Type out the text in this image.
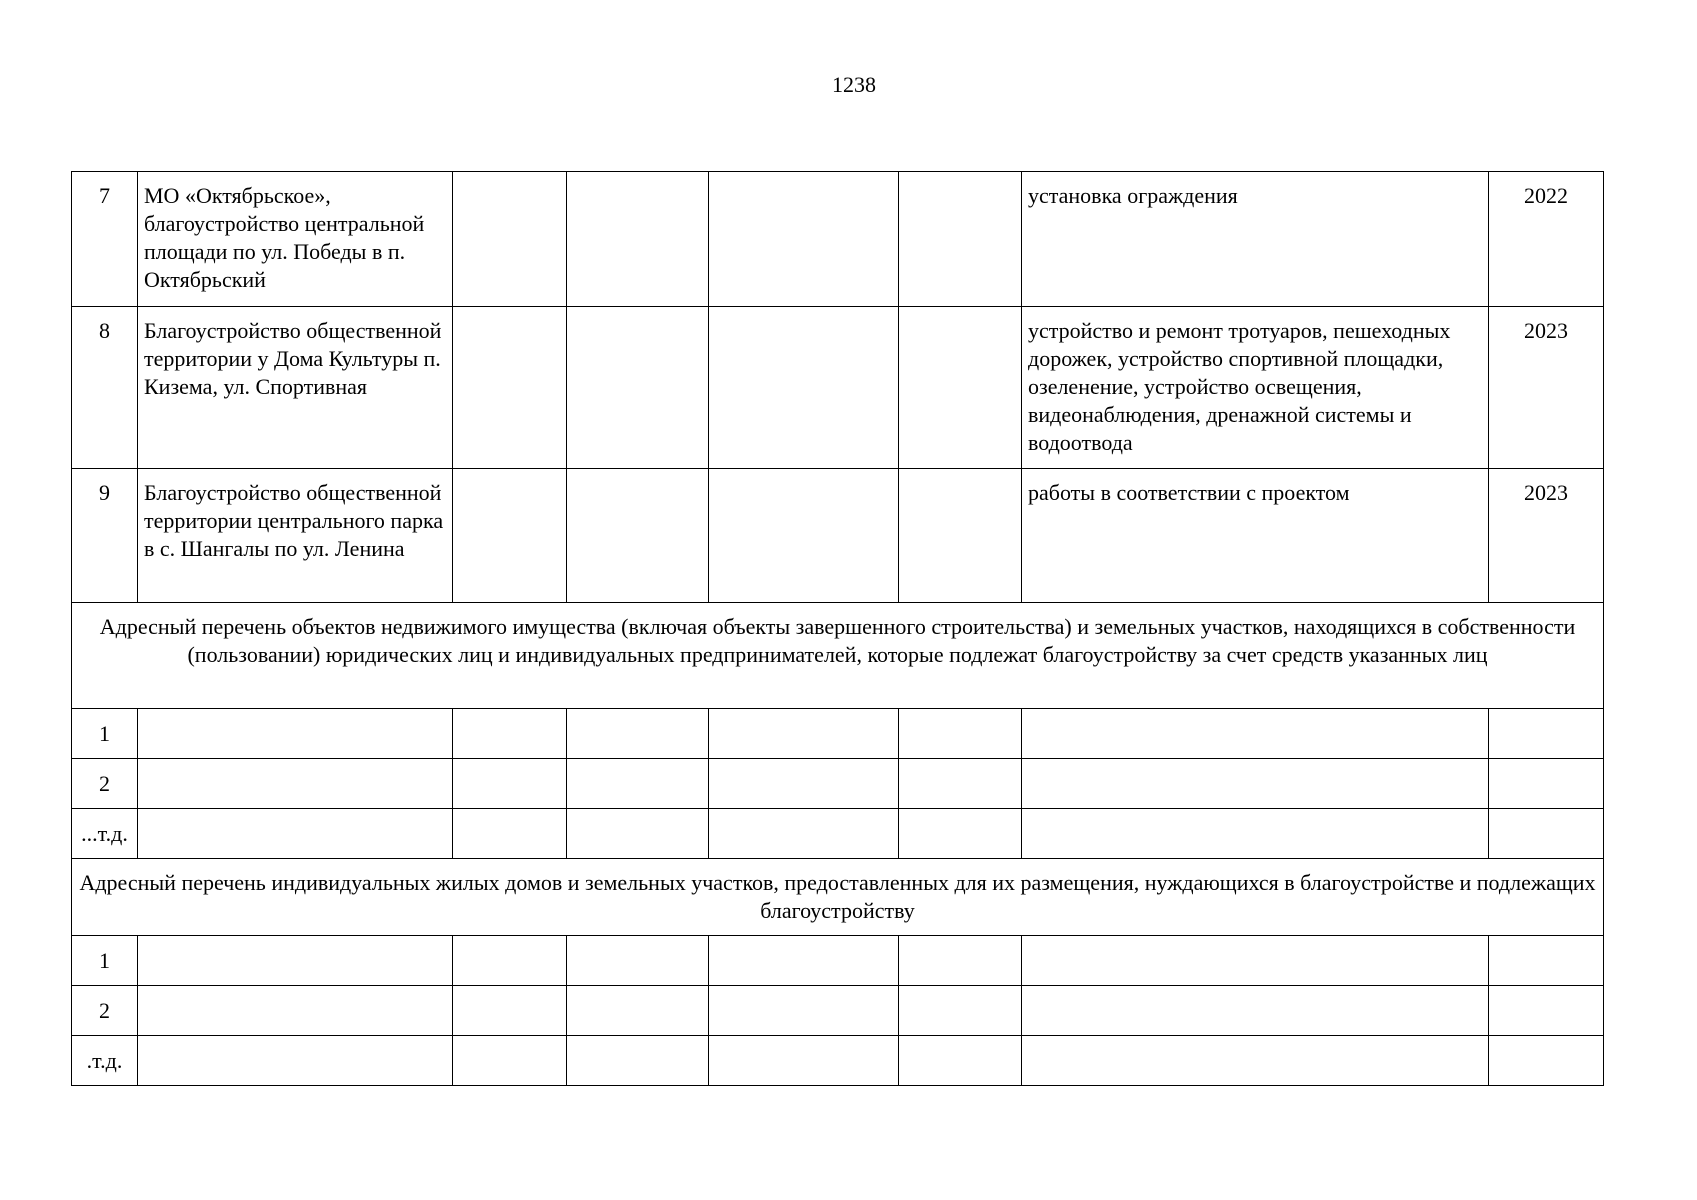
1238
7	МО «Октябрьское», благоустройство центральной площади по ул. Победы в п. Октябрьский					установка ограждения	2022
8	Благоустройство общественной территории у Дома Культуры п. Кизема, ул. Спортивная					устройство и ремонт тротуаров, пешеходных дорожек, устройство спортивной площадки, озеленение, устройство освещения, видеонаблюдения, дренажной системы и водоотвода	2023
9	Благоустройство общественной территории центрального парка в с. Шангалы по ул. Ленина					работы в соответствии с проектом	2023
Адресный перечень объектов недвижимого имущества (включая объекты завершенного строительства) и земельных участков, находящихся в собственности (пользовании) юридических лиц и индивидуальных предпринимателей, которые подлежат благоустройству за счет средств указанных лиц							
1							
2							
...т.д.							
Адресный перечень индивидуальных жилых домов и земельных участков, предоставленных для их размещения, нуждающихся в благоустройстве и подлежащих благоустройству							
1							
2							
.т.д.							
